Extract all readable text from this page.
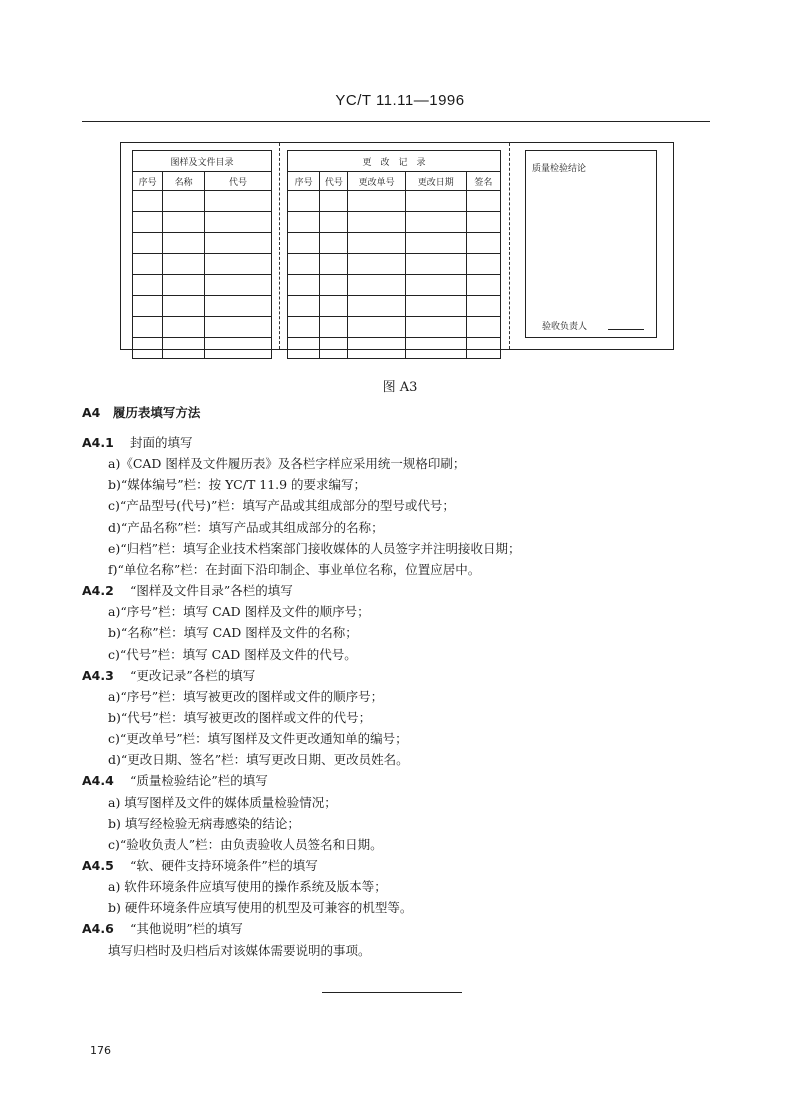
YC/T 11.11—1996
图样及文件目录		
序号	名称	代号

更　改　记　录				
序号	代号	更改单号	更改日期	签名

质量检验结论
验收负责人
图 A3
A4　履历表填写方法
A4.1 封面的填写
a)《CAD 图样及文件履历表》及各栏字样应采用统一规格印刷；
b)“媒体编号”栏：按 YC/T 11.9 的要求编写；
c)“产品型号(代号)”栏：填写产品或其组成部分的型号或代号；
d)“产品名称”栏：填写产品或其组成部分的名称；
e)“归档”栏：填写企业技术档案部门接收媒体的人员签字并注明接收日期；
f)“单位名称”栏：在封面下沿印制企、事业单位名称，位置应居中。
A4.2 “图样及文件目录”各栏的填写
a)“序号”栏：填写 CAD 图样及文件的顺序号；
b)“名称”栏：填写 CAD 图样及文件的名称；
c)“代号”栏：填写 CAD 图样及文件的代号。
A4.3 “更改记录”各栏的填写
a)“序号”栏：填写被更改的图样或文件的顺序号；
b)“代号”栏：填写被更改的图样或文件的代号；
c)“更改单号”栏：填写图样及文件更改通知单的编号；
d)“更改日期、签名”栏：填写更改日期、更改员姓名。
A4.4 “质量检验结论”栏的填写
a) 填写图样及文件的媒体质量检验情况；
b) 填写经检验无病毒感染的结论；
c)“验收负责人”栏：由负责验收人员签名和日期。
A4.5 “软、硬件支持环境条件”栏的填写
a) 软件环境条件应填写使用的操作系统及版本等；
b) 硬件环境条件应填写使用的机型及可兼容的机型等。
A4.6 “其他说明”栏的填写
填写归档时及归档后对该媒体需要说明的事项。
176
